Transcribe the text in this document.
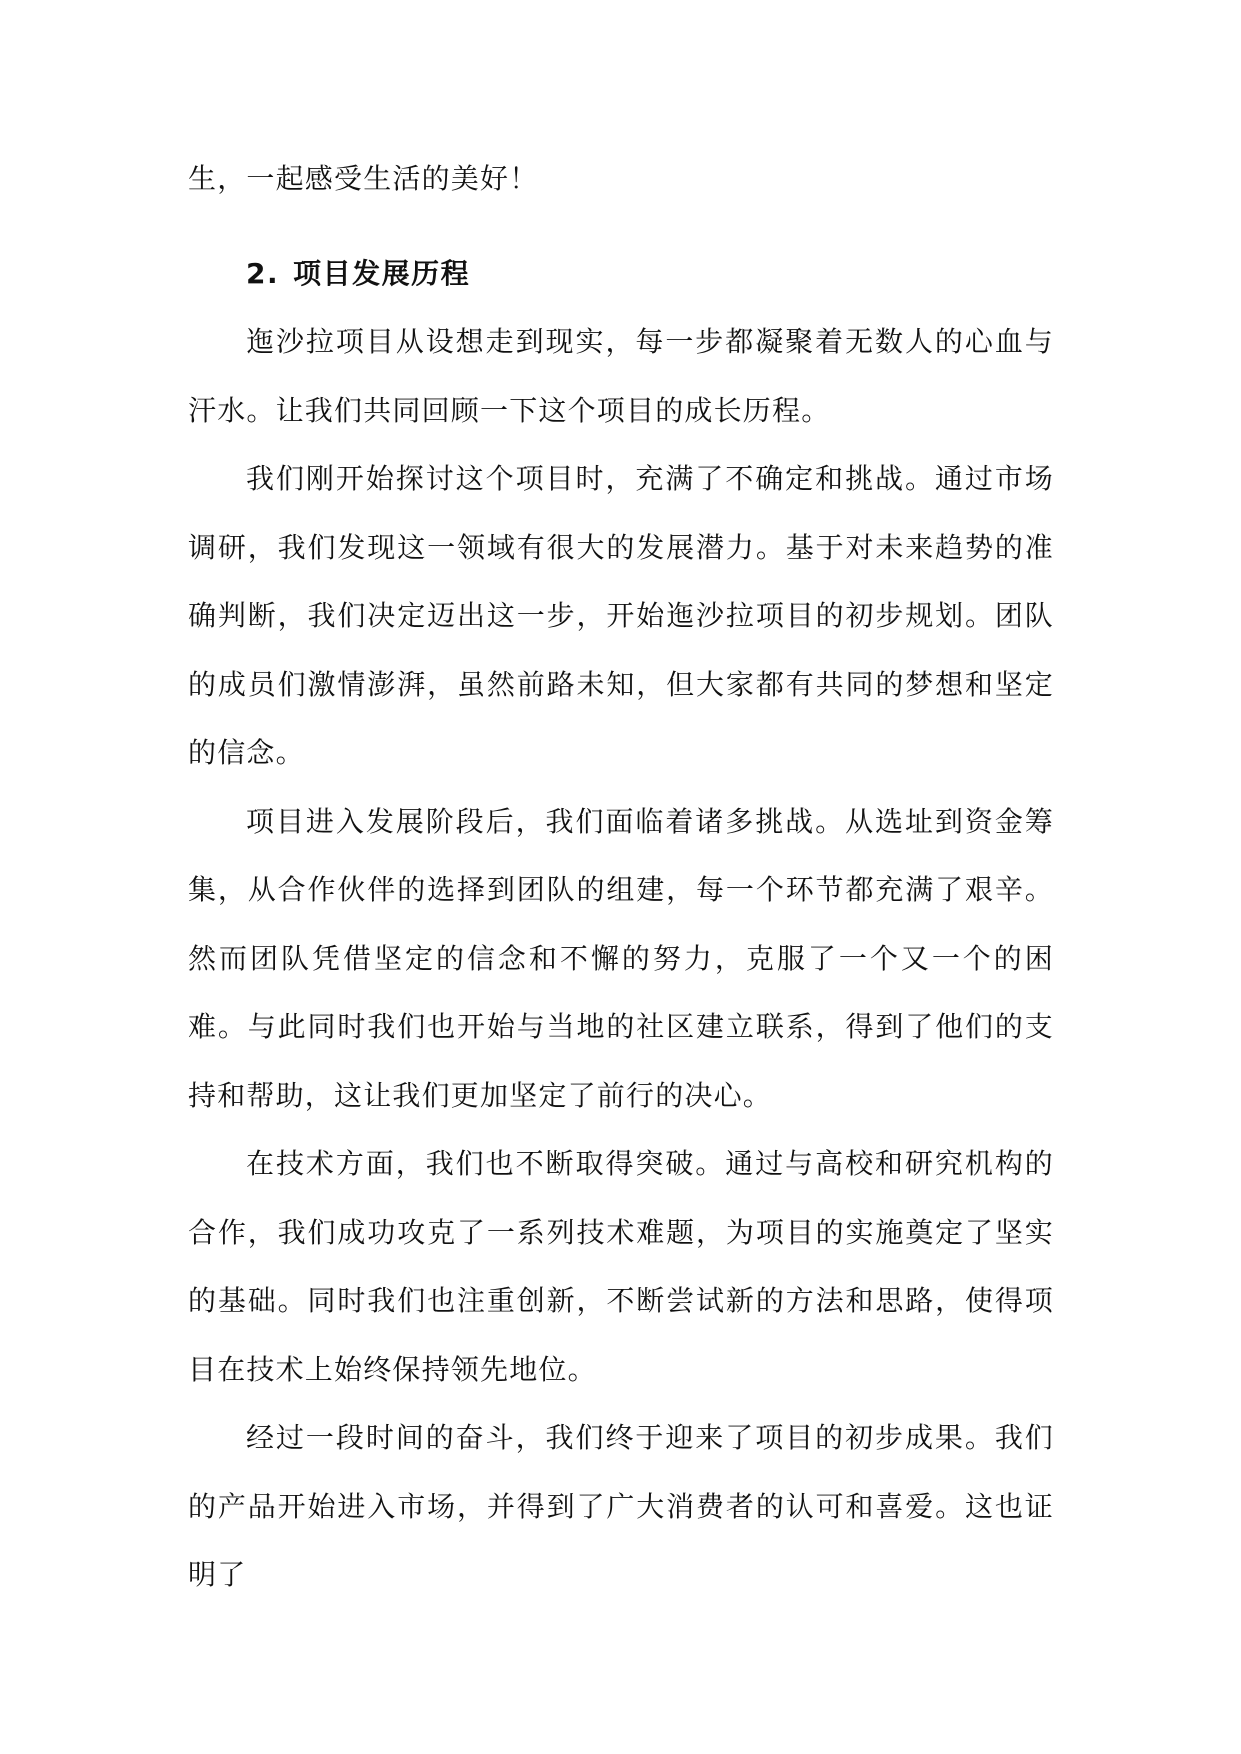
生，一起感受生活的美好！

2. 项目发展历程

迤沙拉项目从设想走到现实，每一步都凝聚着无数人的心血与汗水。让我们共同回顾一下这个项目的成长历程。

我们刚开始探讨这个项目时，充满了不确定和挑战。通过市场调研，我们发现这一领域有很大的发展潜力。基于对未来趋势的准确判断，我们决定迈出这一步，开始迤沙拉项目的初步规划。团队的成员们激情澎湃，虽然前路未知，但大家都有共同的梦想和坚定的信念。

项目进入发展阶段后，我们面临着诸多挑战。从选址到资金筹集，从合作伙伴的选择到团队的组建，每一个环节都充满了艰辛。然而团队凭借坚定的信念和不懈的努力，克服了一个又一个的困难。与此同时我们也开始与当地的社区建立联系，得到了他们的支持和帮助，这让我们更加坚定了前行的决心。

在技术方面，我们也不断取得突破。通过与高校和研究机构的合作，我们成功攻克了一系列技术难题，为项目的实施奠定了坚实的基础。同时我们也注重创新，不断尝试新的方法和思路，使得项目在技术上始终保持领先地位。

经过一段时间的奋斗，我们终于迎来了项目的初步成果。我们的产品开始进入市场，并得到了广大消费者的认可和喜爱。这也证明了
